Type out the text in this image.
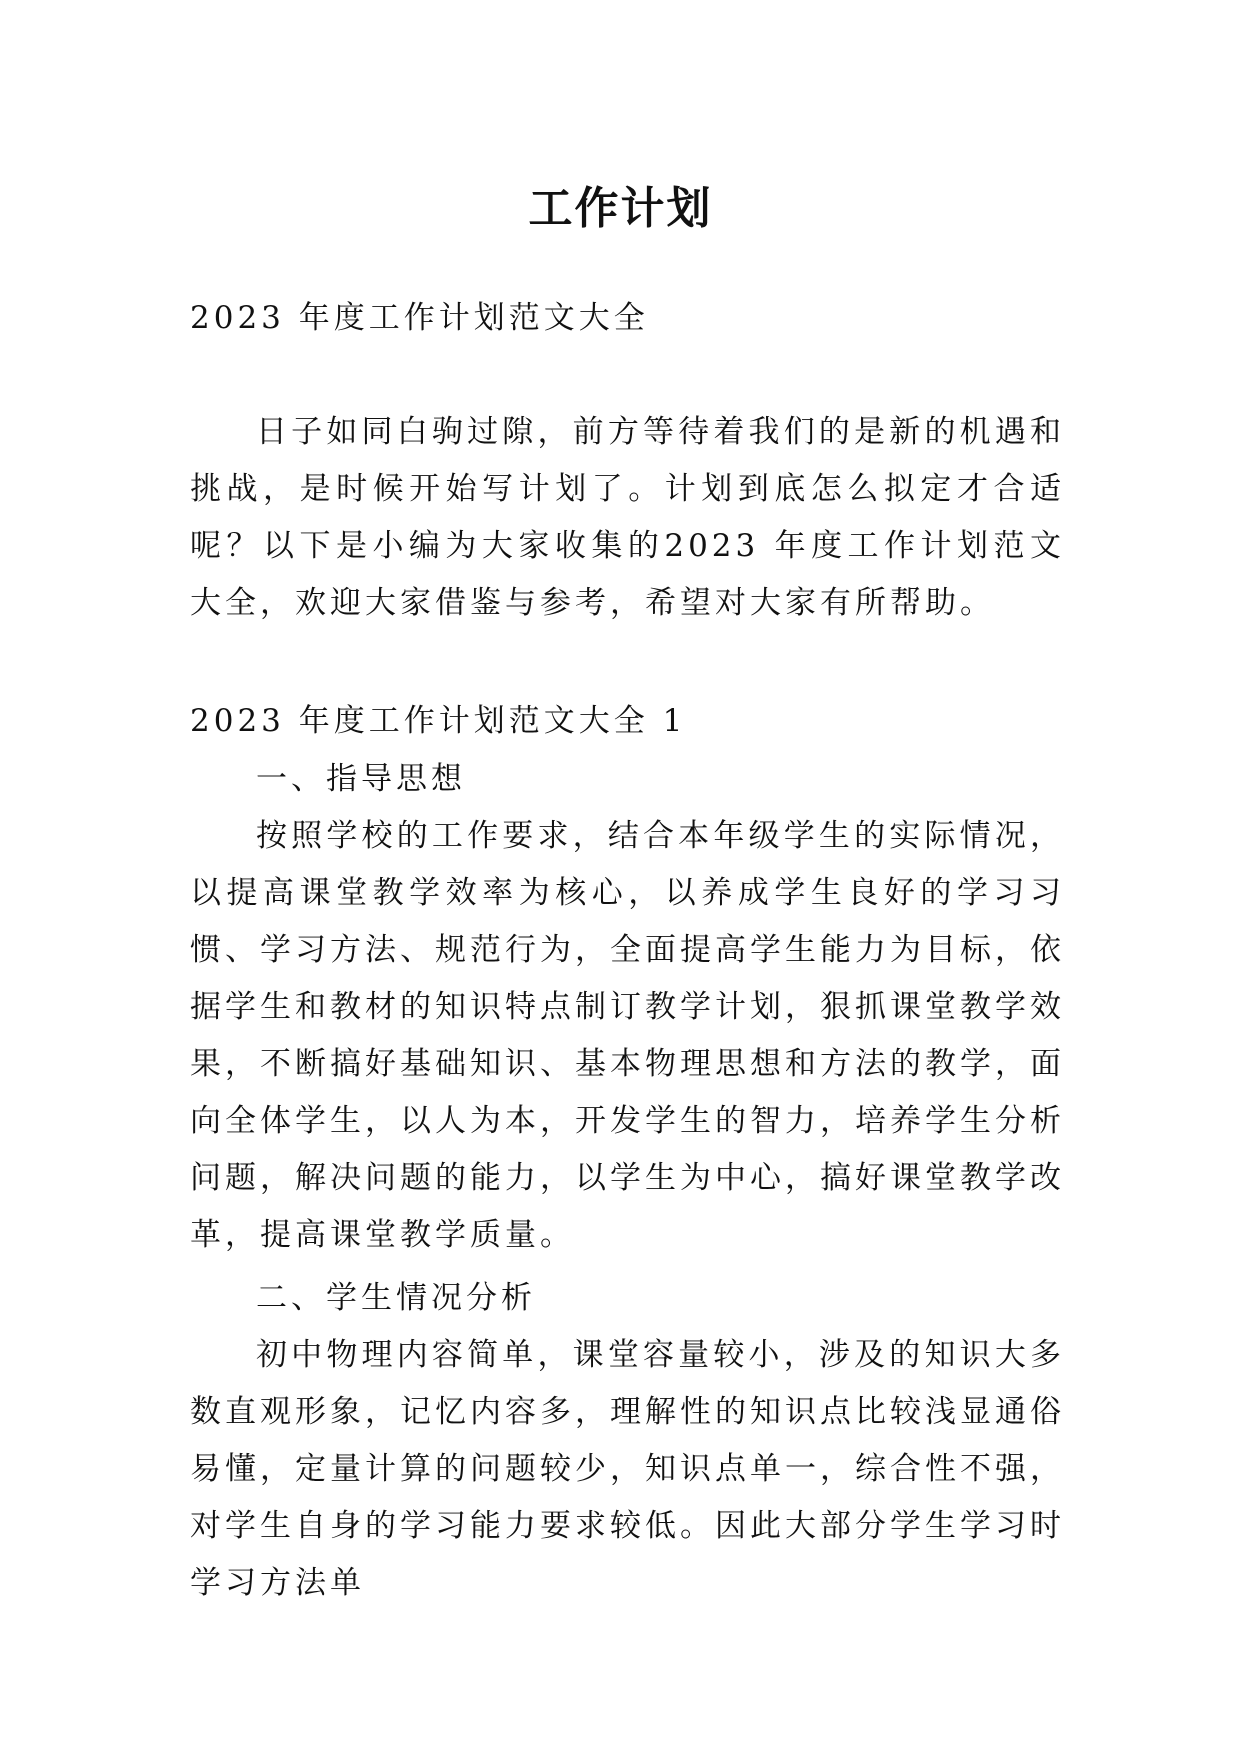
工作计划

2023 年度工作计划范文大全

日子如同白驹过隙，前方等待着我们的是新的机遇和挑战，是时候开始写计划了。计划到底怎么拟定才合适呢？以下是小编为大家收集的2023 年度工作计划范文大全，欢迎大家借鉴与参考，希望对大家有所帮助。

2023 年度工作计划范文大全 1

一、指导思想

按照学校的工作要求，结合本年级学生的实际情况，以提高课堂教学效率为核心，以养成学生良好的学习习惯、学习方法、规范行为，全面提高学生能力为目标，依据学生和教材的知识特点制订教学计划，狠抓课堂教学效果，不断搞好基础知识、基本物理思想和方法的教学，面向全体学生，以人为本，开发学生的智力，培养学生分析问题，解决问题的能力，以学生为中心，搞好课堂教学改革，提高课堂教学质量。

二、学生情况分析

初中物理内容简单，课堂容量较小，涉及的知识大多数直观形象，记忆内容多，理解性的知识点比较浅显通俗易懂，定量计算的问题较少，知识点单一，综合性不强，对学生自身的学习能力要求较低。因此大部分学生学习时学习方法单
